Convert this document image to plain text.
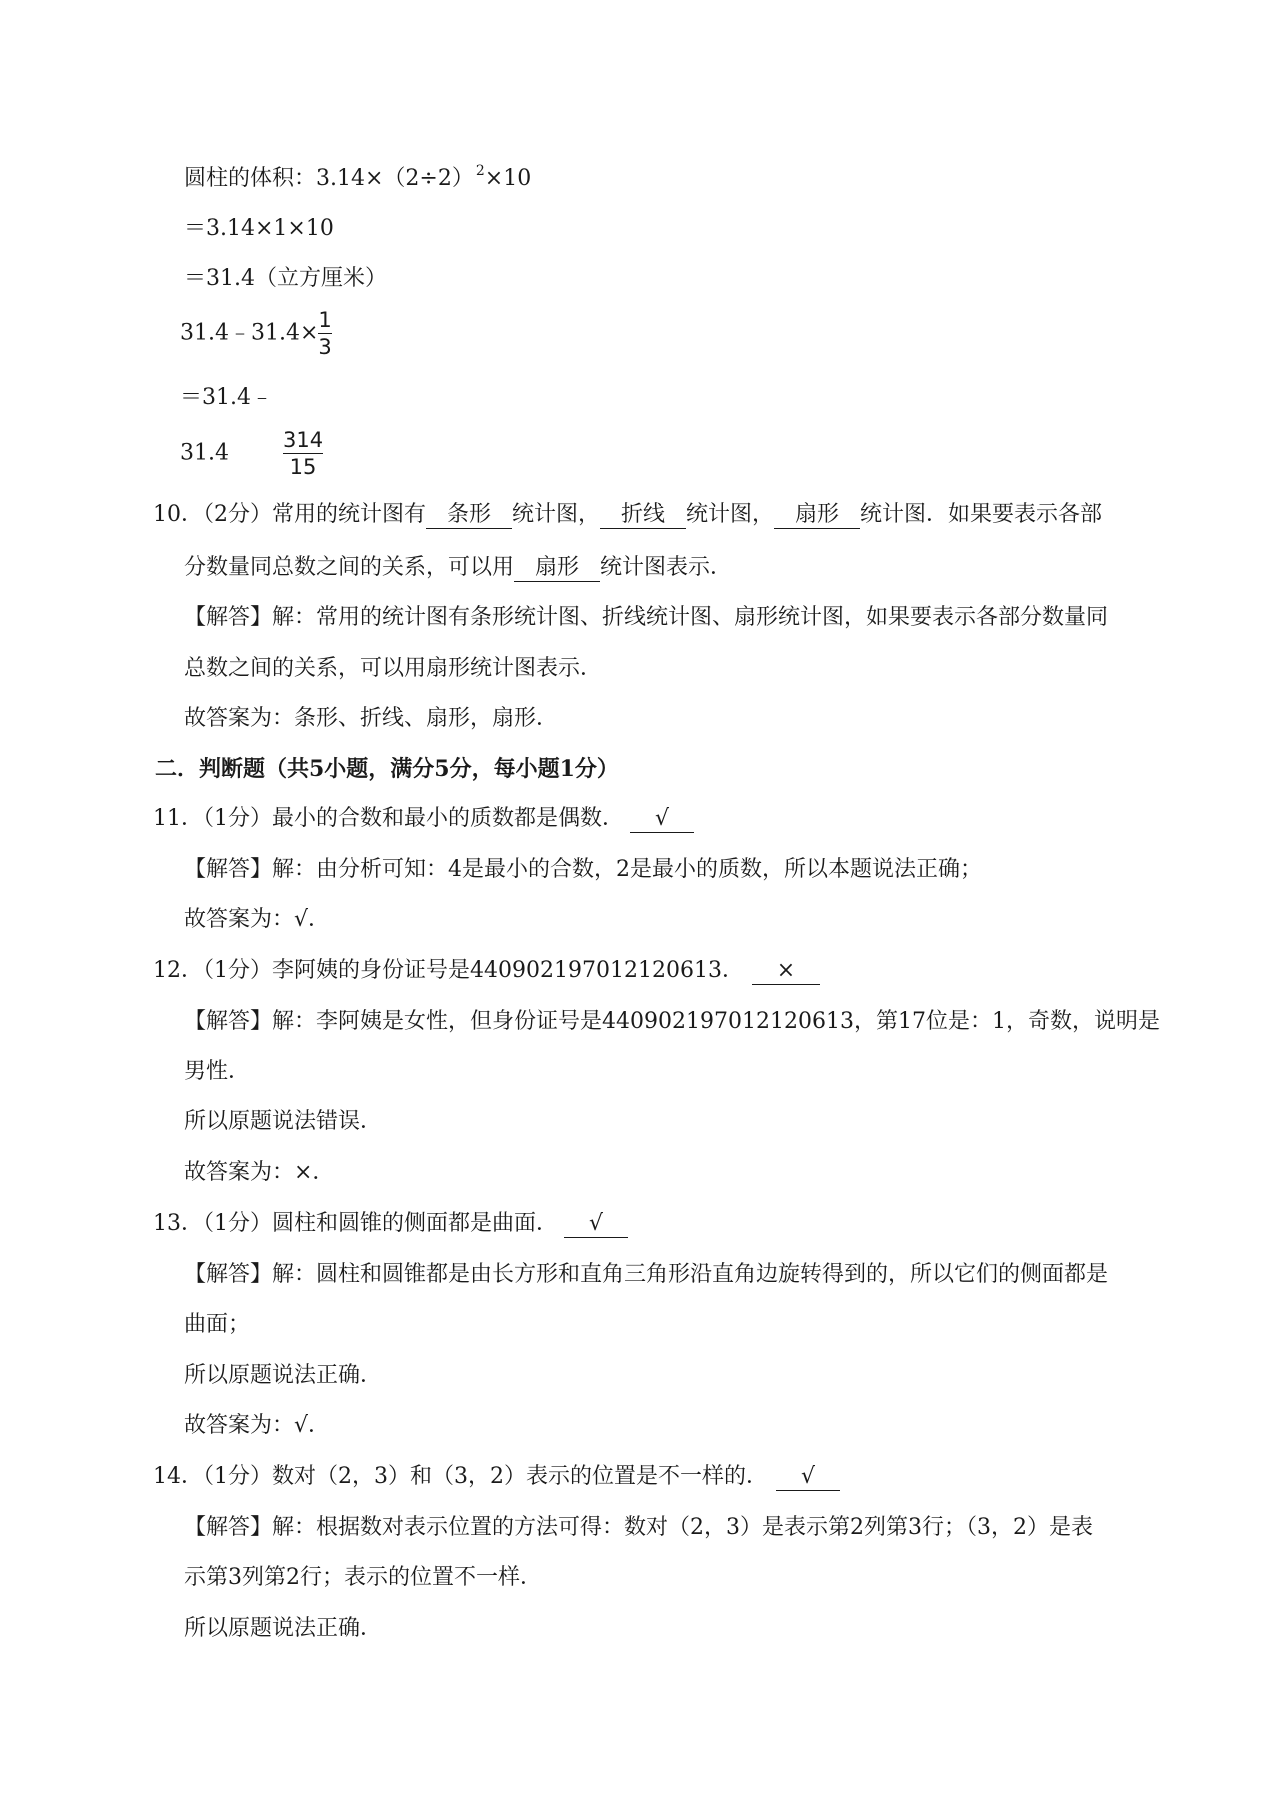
圆柱的体积：3.14×（2÷2） $^2$×10
＝3.14×1×10
＝31.4（立方厘米）
31.4﹣31.4× $\frac{1}{3}$
＝31.4﹣
31.4	$\frac{314}{15}$
10．（2分）常用的统计图有 条形 统计图， 折线 统计图， 扇形 统计图．如果要表示各部
分数量同总数之间的关系，可以用 扇形 统计图表示．
【解答】解：常用的统计图有条形统计图、折线统计图、扇形统计图，如果要表示各部分数量同
总数之间的关系，可以用扇形统计图表示．
故答案为：条形、折线、扇形，扇形．
二．判断题（共5小题，满分5分，每小题1分）
11．（1分）最小的合数和最小的质数都是偶数． √
【解答】解：由分析可知：4是最小的合数，2是最小的质数，所以本题说法正确；
故答案为：√．
12．（1分）李阿姨的身份证号是440902197012120613． ×
【解答】解：李阿姨是女性，但身份证号是440902197012120613，第17位是：1，奇数，说明是
男性．
所以原题说法错误．
故答案为：×．
13．（1分）圆柱和圆锥的侧面都是曲面． √
【解答】解：圆柱和圆锥都是由长方形和直角三角形沿直角边旋转得到的，所以它们的侧面都是
曲面；
所以原题说法正确．
故答案为：√．
14．（1分）数对（2，3）和（3，2）表示的位置是不一样的． √
【解答】解：根据数对表示位置的方法可得：数对（2，3）是表示第2列第3行；（3，2）是表
示第3列第2行；表示的位置不一样．
所以原题说法正确．
